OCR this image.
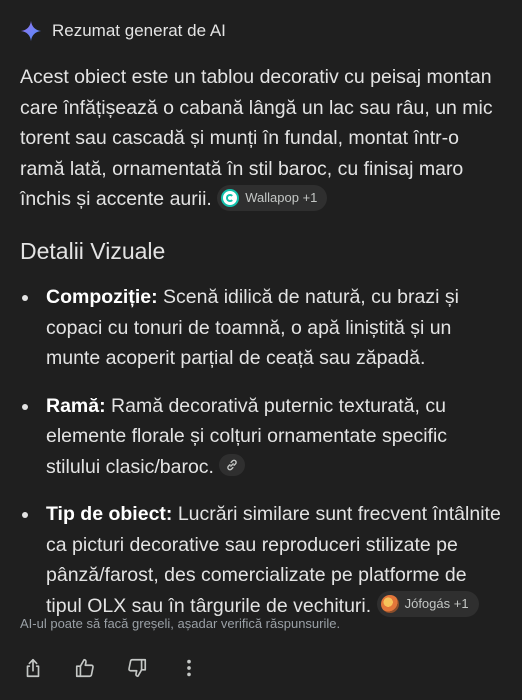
Rezumat generat de AI

Acest obiect este un tablou decorativ cu peisaj montan care înfățișează o cabană lângă un lac sau râu, un mic torent sau cascadă și munți în fundal, montat într-o ramă lată, ornamentată în stil baroc, cu finisaj maro închis și accente aurii.	Wallapop +1

Detalii Vizuale
Compoziție: Scenă idilică de natură, cu brazi și copaci cu tonuri de toamnă, o apă liniștită și un munte acoperit parțial de ceață sau zăpadă.
Ramă: Ramă decorativă puternic texturată, cu elemente florale și colțuri ornamentate specific stilului clasic/baroc.
Tip de obiect: Lucrări similare sunt frecvent întâlnite ca picturi decorative sau reproduceri stilizate pe pânză/farost, des comercializate pe platforme de tipul OLX sau în târgurile de vechituri.	Jófogás +1
AI-ul poate să facă greșeli, așadar verifică răspunsurile.
